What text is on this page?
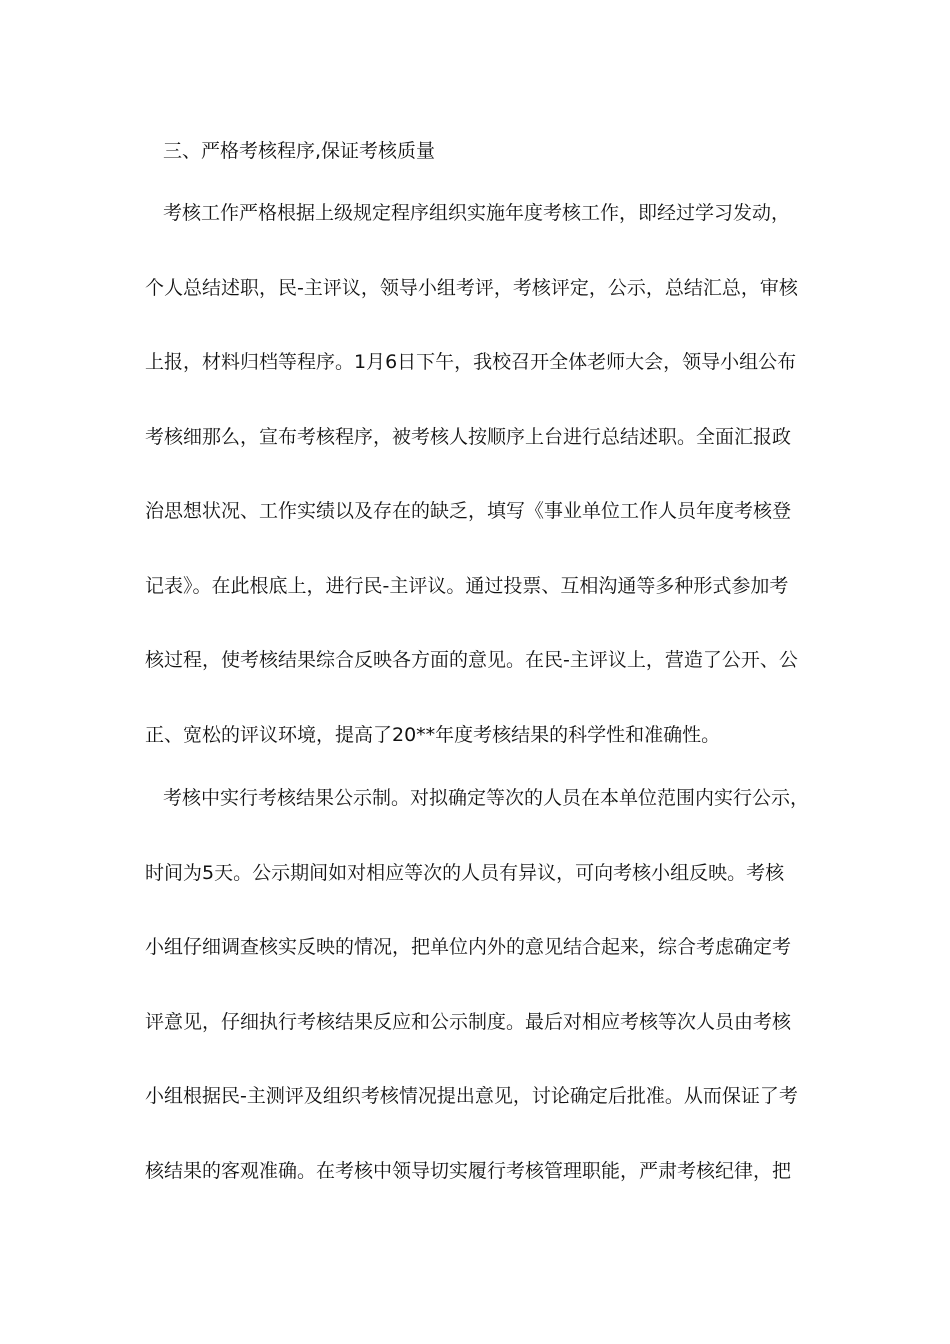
三、严格考核程序,保证考核质量
考核工作严格根据上级规定程序组织实施年度考核工作，即经过学习发动，
个人总结述职，民-主评议，领导小组考评，考核评定，公示，总结汇总，审核
上报，材料归档等程序。1月6日下午，我校召开全体老师大会，领导小组公布
考核细那么，宣布考核程序，被考核人按顺序上台进行总结述职。全面汇报政
治思想状况、工作实绩以及存在的缺乏，填写《事业单位工作人员年度考核登
记表》。在此根底上，进行民-主评议。通过投票、互相沟通等多种形式参加考
核过程，使考核结果综合反映各方面的意见。在民-主评议上，营造了公开、公
正、宽松的评议环境，提高了20**年度考核结果的科学性和准确性。
考核中实行考核结果公示制。对拟确定等次的人员在本单位范围内实行公示，
时间为5天。公示期间如对相应等次的人员有异议，可向考核小组反映。考核
小组仔细调查核实反映的情况，把单位内外的意见结合起来，综合考虑确定考
评意见，仔细执行考核结果反应和公示制度。最后对相应考核等次人员由考核
小组根据民-主测评及组织考核情况提出意见，讨论确定后批准。从而保证了考
核结果的客观准确。在考核中领导切实履行考核管理职能，严肃考核纪律，把
